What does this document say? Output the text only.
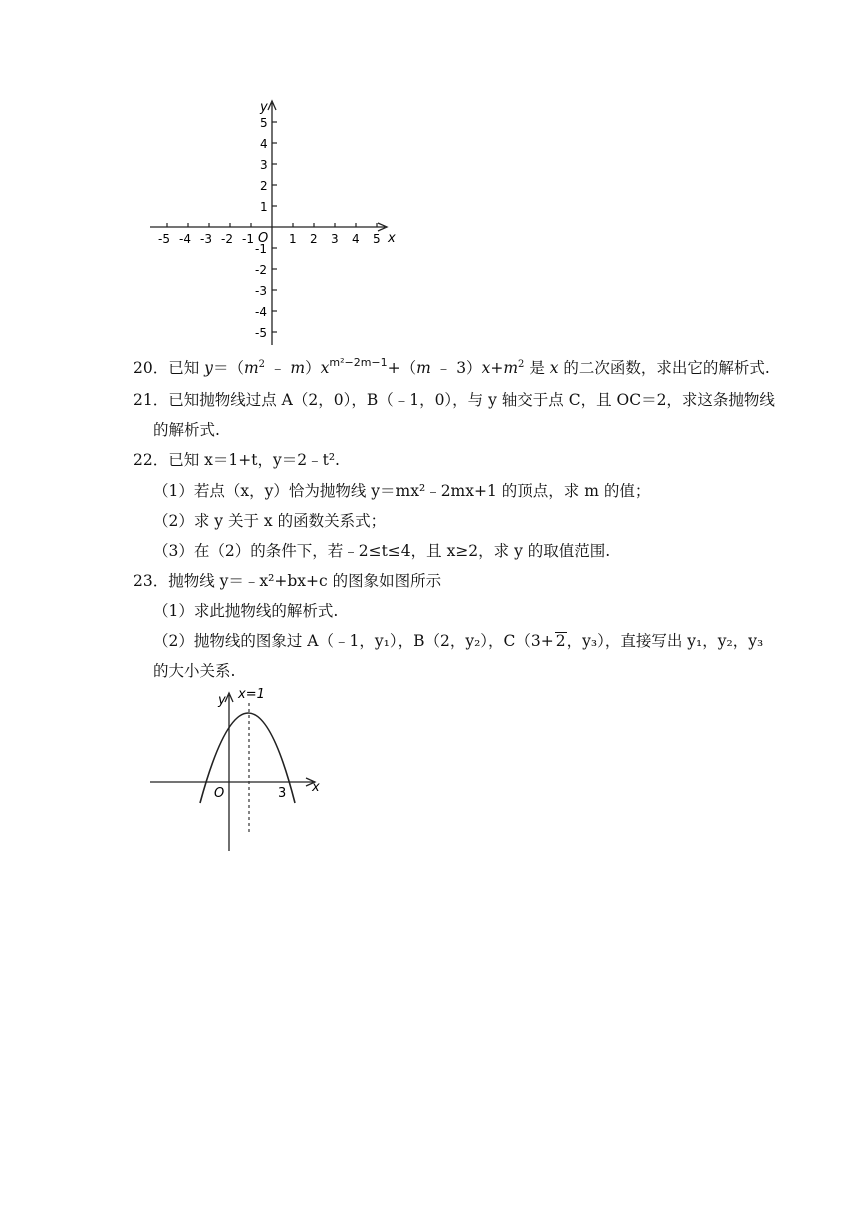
-5 -4 -3 -2 -1	1 2 3 4 5
5
4
3
2
1
-1
-2
-3
-4
-5
O	x
y
20．已知 $y=(m^2$ ﹣ $m)x^{m^2-2m-1}+(m$ ﹣ $3)x+m^2$ 是 x 的二次函数，求出它的解析式.
21．已知抛物线过点 A（2，0），B（﹣1，0），与 y 轴交于点 C，且 OC＝2，求这条抛物线
的解析式.
22．已知 x＝1+t，y＝2﹣t².
（1）若点（x，y）恰为抛物线 y＝mx²﹣2mx+1 的顶点，求 m 的值；
（2）求 y 关于 x 的函数关系式；
（3）在（2）的条件下，若﹣2≤t≤4，且 x≥2，求 y 的取值范围.
23．抛物线 y＝﹣x²+bx+c 的图象如图所示
（1）求此抛物线的解析式.
（2）抛物线的图象过 A（﹣1，y₁），B（2，y₂），C（3+ 2，y₃），直接写出 y₁，y₂，y₃
的大小关系.
x=1
O	3 x
y
